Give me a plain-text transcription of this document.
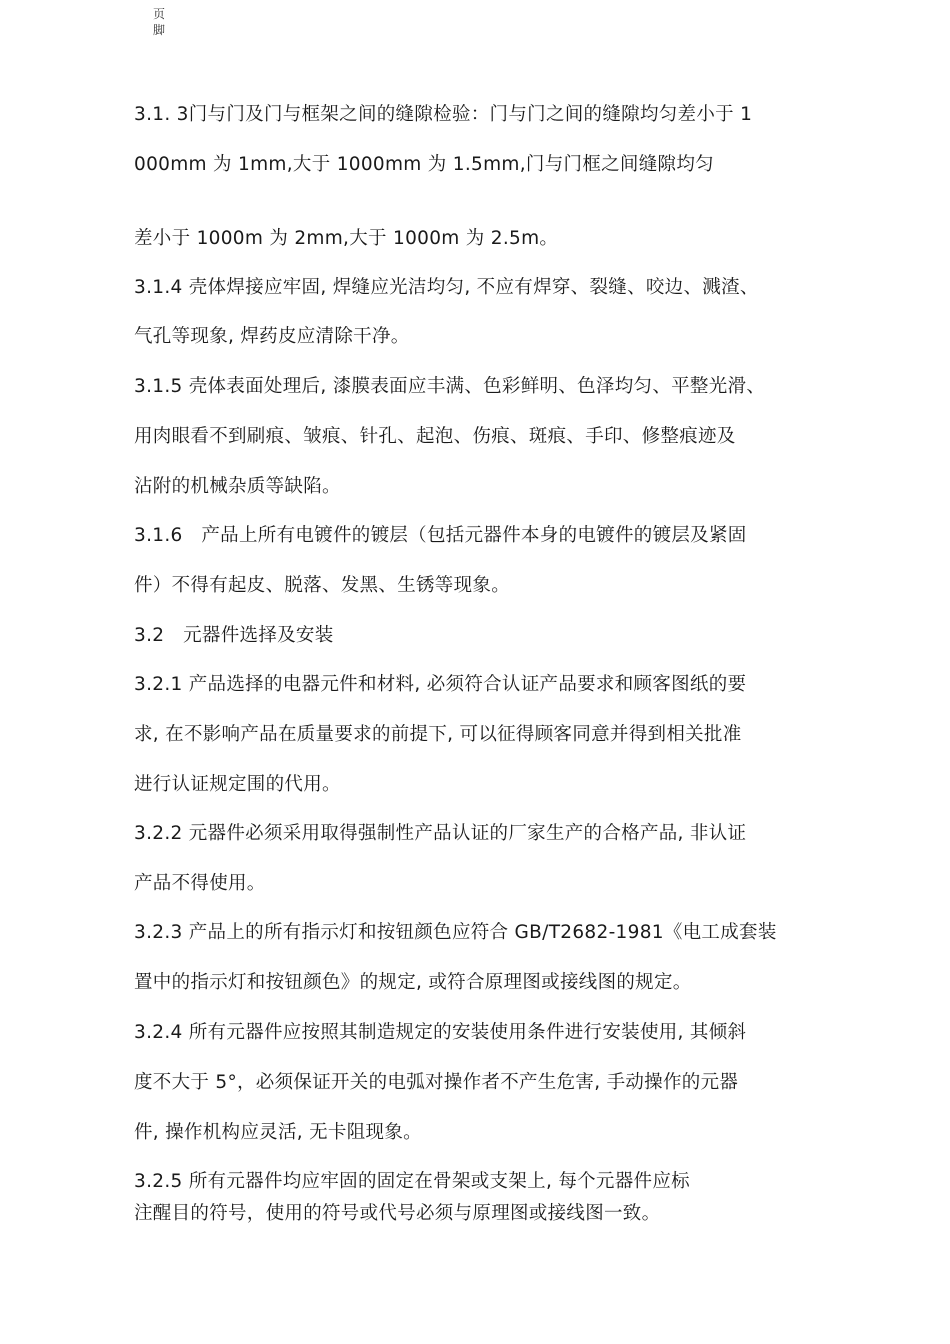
页
脚
3.1. 3门与门及门与框架之间的缝隙检验：门与门之间的缝隙均匀差小于 1
000mm 为 1mm,大于 1000mm 为 1.5mm,门与门框之间缝隙均匀
差小于 1000m 为 2mm,大于 1000m 为 2.5m。
3.1.4 壳体焊接应牢固, 焊缝应光洁均匀, 不应有焊穿、裂缝、咬边、溅渣、
气孔等现象, 焊药皮应清除干净。
3.1.5 壳体表面处理后, 漆膜表面应丰满、色彩鲜明、色泽均匀、平整光滑、
用肉眼看不到刷痕、皱痕、针孔、起泡、伤痕、斑痕、手印、修整痕迹及
沾附的机械杂质等缺陷。
3.1.6　产品上所有电镀件的镀层（包括元器件本身的电镀件的镀层及紧固
件）不得有起皮、脱落、发黑、生锈等现象。
3.2　元器件选择及安装
3.2.1 产品选择的电器元件和材料, 必须符合认证产品要求和顾客图纸的要
求, 在不影响产品在质量要求的前提下, 可以征得顾客同意并得到相关批准
进行认证规定围的代用。
3.2.2 元器件必须采用取得强制性产品认证的厂家生产的合格产品, 非认证
产品不得使用。
3.2.3 产品上的所有指示灯和按钮颜色应符合 GB/T2682-1981《电工成套装
置中的指示灯和按钮颜色》的规定, 或符合原理图或接线图的规定。
3.2.4 所有元器件应按照其制造规定的安装使用条件进行安装使用, 其倾斜
度不大于 5°，必须保证开关的电弧对操作者不产生危害, 手动操作的元器
件, 操作机构应灵活, 无卡阻现象。
3.2.5 所有元器件均应牢固的固定在骨架或支架上, 每个元器件应标
注醒目的符号，使用的符号或代号必须与原理图或接线图一致。
